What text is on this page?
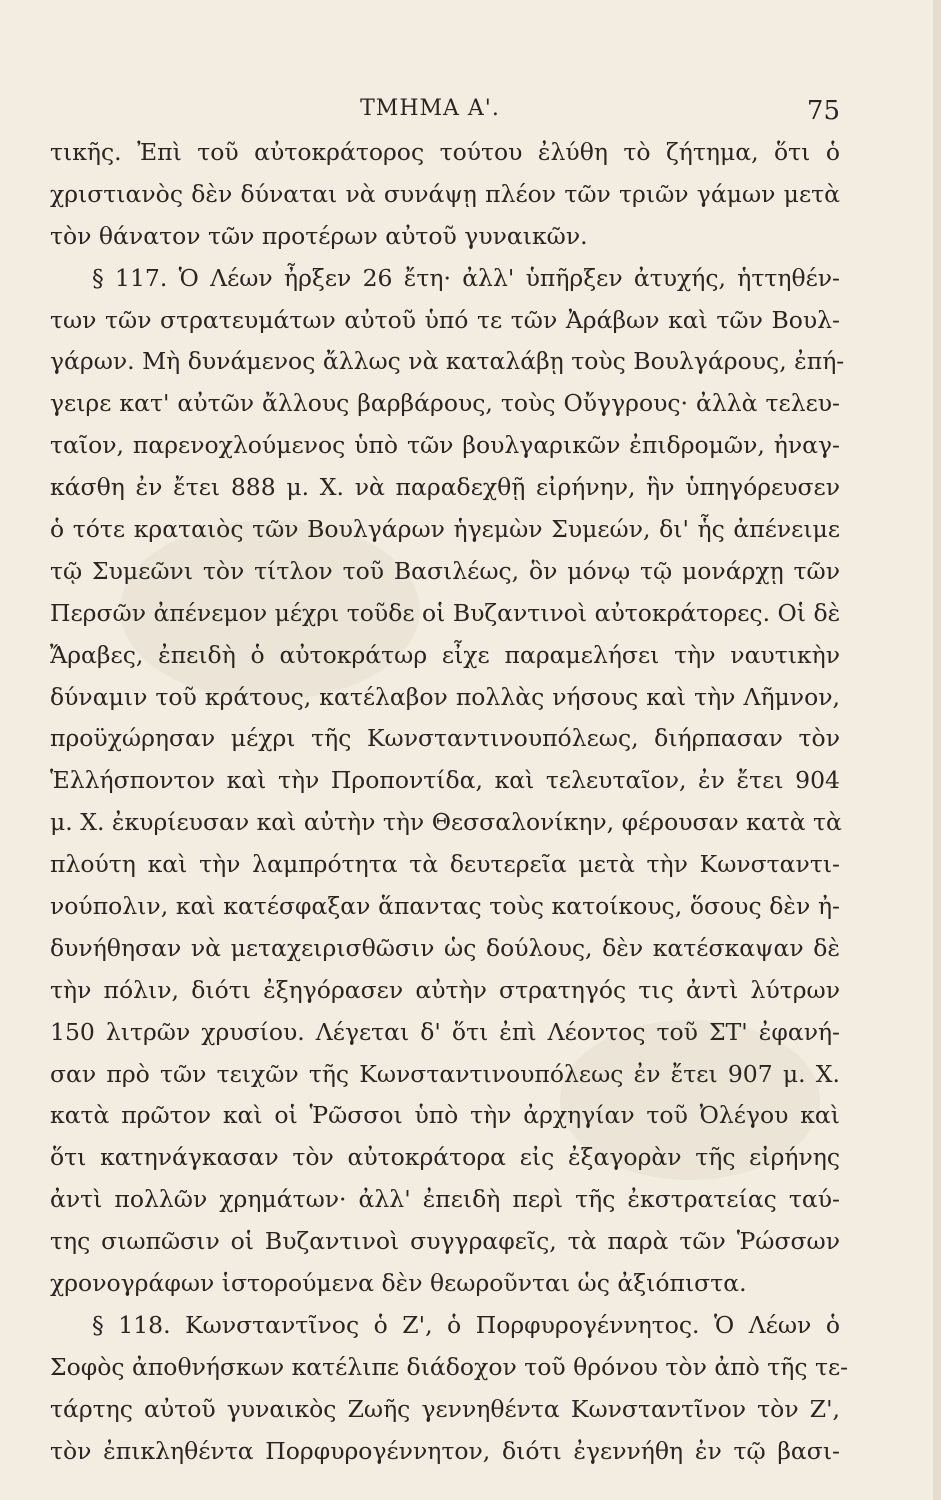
ΤΜΗΜΑ Α'.	75
τικῆς. Ἐπὶ τοῦ αὐτοκράτορος τούτου ἐλύθη τὸ ζήτημα, ὅτι ὁ
χριστιανὸς δὲν δύναται νὰ συνάψῃ πλέον τῶν τριῶν γάμων μετὰ
τὸν θάνατον τῶν προτέρων αὐτοῦ γυναικῶν.
§ 117. Ὁ Λέων ἦρξεν 26 ἔτη· ἀλλ' ὑπῆρξεν ἀτυχής, ἡττηθέν-
των τῶν στρατευμάτων αὐτοῦ ὑπό τε τῶν Ἀράβων καὶ τῶν Βουλ-
γάρων. Μὴ δυνάμενος ἄλλως νὰ καταλάβῃ τοὺς Βουλγάρους, ἐπή-
γειρε κατ' αὐτῶν ἄλλους βαρβάρους, τοὺς Οὔγγρους· ἀλλὰ τελευ-
ταῖον, παρενοχλούμενος ὑπὸ τῶν βουλγαρικῶν ἐπιδρομῶν, ἠναγ-
κάσθη ἐν ἔτει 888 μ. Χ. νὰ παραδεχθῇ εἰρήνην, ἣν ὑπηγόρευσεν
ὁ τότε κραταιὸς τῶν Βουλγάρων ἡγεμὼν Συμεών, δι' ἧς ἀπένειμε
τῷ Συμεῶνι τὸν τίτλον τοῦ Βασιλέως, ὃν μόνῳ τῷ μονάρχῃ τῶν
Περσῶν ἀπένεμον μέχρι τοῦδε οἱ Βυζαντινοὶ αὐτοκράτορες. Οἱ δὲ
Ἄραβες, ἐπειδὴ ὁ αὐτοκράτωρ εἶχε παραμελήσει τὴν ναυτικὴν
δύναμιν τοῦ κράτους, κατέλαβον πολλὰς νήσους καὶ τὴν Λῆμνον,
προϋχώρησαν μέχρι τῆς Κωνσταντινουπόλεως, διήρπασαν τὸν
Ἑλλήσποντον καὶ τὴν Προποντίδα, καὶ τελευταῖον, ἐν ἔτει 904
μ. Χ. ἐκυρίευσαν καὶ αὐτὴν τὴν Θεσσαλονίκην, φέρουσαν κατὰ τὰ
πλούτη καὶ τὴν λαμπρότητα τὰ δευτερεῖα μετὰ τὴν Κωνσταντι-
νούπολιν, καὶ κατέσφαξαν ἅπαντας τοὺς κατοίκους, ὅσους δὲν ἠ-
δυνήθησαν νὰ μεταχειρισθῶσιν ὡς δούλους, δὲν κατέσκαψαν δὲ
τὴν πόλιν, διότι ἐξηγόρασεν αὐτὴν στρατηγός τις ἀντὶ λύτρων
150 λιτρῶν χρυσίου. Λέγεται δ' ὅτι ἐπὶ Λέοντος τοῦ ΣΤ' ἐφανή-
σαν πρὸ τῶν τειχῶν τῆς Κωνσταντινουπόλεως ἐν ἔτει 907 μ. Χ.
κατὰ πρῶτον καὶ οἱ Ῥῶσσοι ὑπὸ τὴν ἀρχηγίαν τοῦ Ὀλέγου καὶ
ὅτι κατηνάγκασαν τὸν αὐτοκράτορα εἰς ἐξαγορὰν τῆς εἰρήνης
ἀντὶ πολλῶν χρημάτων· ἀλλ' ἐπειδὴ περὶ τῆς ἐκστρατείας ταύ-
της σιωπῶσιν οἱ Βυζαντινοὶ συγγραφεῖς, τὰ παρὰ τῶν Ῥώσσων
χρονογράφων ἱστορούμενα δὲν θεωροῦνται ὡς ἀξιόπιστα.
§ 118. Κωνσταντῖνος ὁ Ζ', ὁ Πορφυρογέννητος. Ὁ Λέων ὁ
Σοφὸς ἀποθνήσκων κατέλιπε διάδοχον τοῦ θρόνου τὸν ἀπὸ τῆς τε-
τάρτης αὐτοῦ γυναικὸς Ζωῆς γεννηθέντα Κωνσταντῖνον τὸν Ζ',
τὸν ἐπικληθέντα Πορφυρογέννητον, διότι ἐγεννήθη ἐν τῷ βασι-
